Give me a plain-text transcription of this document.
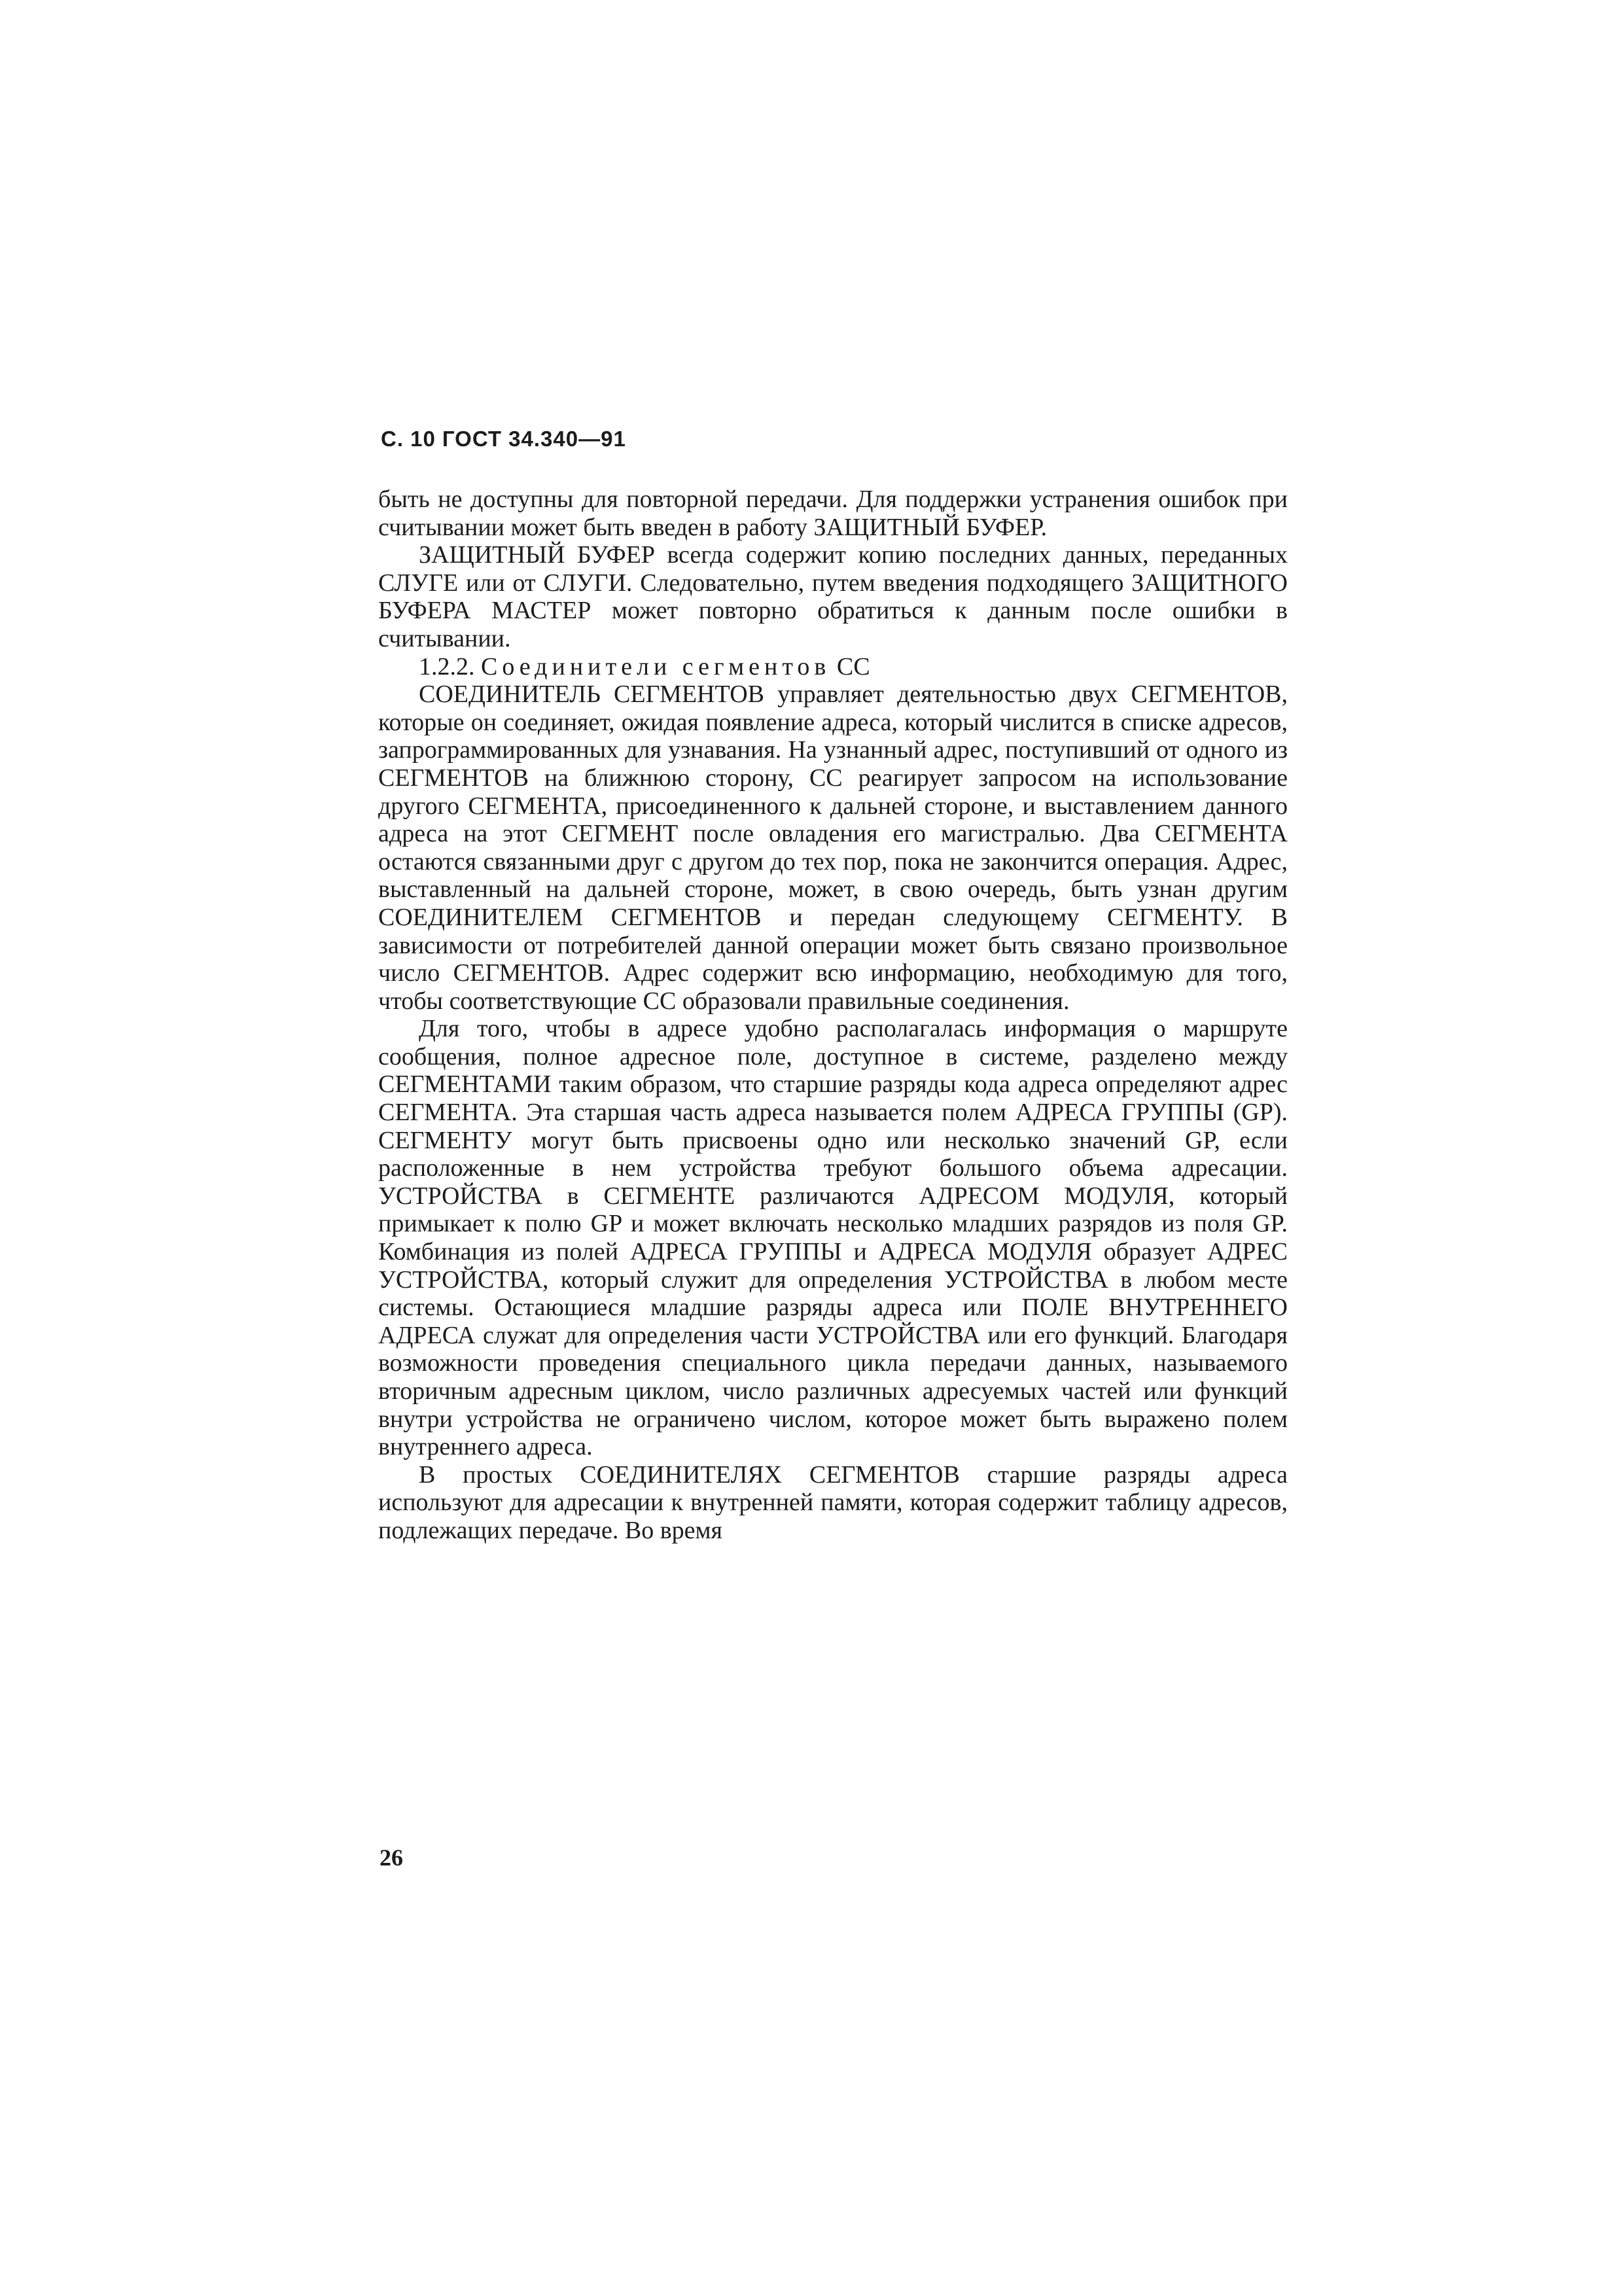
С. 10 ГОСТ 34.340—91

быть не доступны для повторной передачи. Для поддержки устранения ошибок при считывании может быть введен в работу ЗАЩИТНЫЙ БУФЕР.

ЗАЩИТНЫЙ БУФЕР всегда содержит копию последних данных, переданных СЛУГЕ или от СЛУГИ. Следовательно, путем введения подходящего ЗАЩИТНОГО БУФЕРА МАСТЕР может повторно обратиться к данным после ошибки в считывании.

1.2.2. Соединители сегментов СС

СОЕДИНИТЕЛЬ СЕГМЕНТОВ управляет деятельностью двух СЕГМЕНТОВ, которые он соединяет, ожидая появление адреса, который числится в списке адресов, запрограммированных для узнавания. На узнанный адрес, поступивший от одного из СЕГМЕНТОВ на ближнюю сторону, СС реагирует запросом на использование другого СЕГМЕНТА, присоединенного к дальней стороне, и выставлением данного адреса на этот СЕГМЕНТ после овладения его магистралью. Два СЕГМЕНТА остаются связанными друг с другом до тех пор, пока не закончится операция. Адрес, выставленный на дальней стороне, может, в свою очередь, быть узнан другим СОЕДИНИТЕЛЕМ СЕГМЕНТОВ и передан следующему СЕГМЕНТУ. В зависимости от потребителей данной операции может быть связано произвольное число СЕГМЕНТОВ. Адрес содержит всю информацию, необходимую для того, чтобы соответствующие СС образовали правильные соединения.

Для того, чтобы в адресе удобно располагалась информация о маршруте сообщения, полное адресное поле, доступное в системе, разделено между СЕГМЕНТАМИ таким образом, что старшие разряды кода адреса определяют адрес СЕГМЕНТА. Эта старшая часть адреса называется полем АДРЕСА ГРУППЫ (GP). СЕГМЕНТУ могут быть присвоены одно или несколько значений GP, если расположенные в нем устройства требуют большого объема адресации. УСТРОЙСТВА в СЕГМЕНТЕ различаются АДРЕСОМ МОДУЛЯ, который примыкает к полю GP и может включать несколько младших разрядов из поля GP. Комбинация из полей АДРЕСА ГРУППЫ и АДРЕСА МОДУЛЯ образует АДРЕС УСТРОЙСТВА, который служит для определения УСТРОЙСТВА в любом месте системы. Остающиеся младшие разряды адреса или ПОЛЕ ВНУТРЕННЕГО АДРЕСА служат для определения части УСТРОЙСТВА или его функций. Благодаря возможности проведения специального цикла передачи данных, называемого вторичным адресным циклом, число различных адресуемых частей или функций внутри устройства не ограничено числом, которое может быть выражено полем внутреннего адреса.

В простых СОЕДИНИТЕЛЯХ СЕГМЕНТОВ старшие разряды адреса используют для адресации к внутренней памяти, которая содержит таблицу адресов, подлежащих передаче. Во время

26
